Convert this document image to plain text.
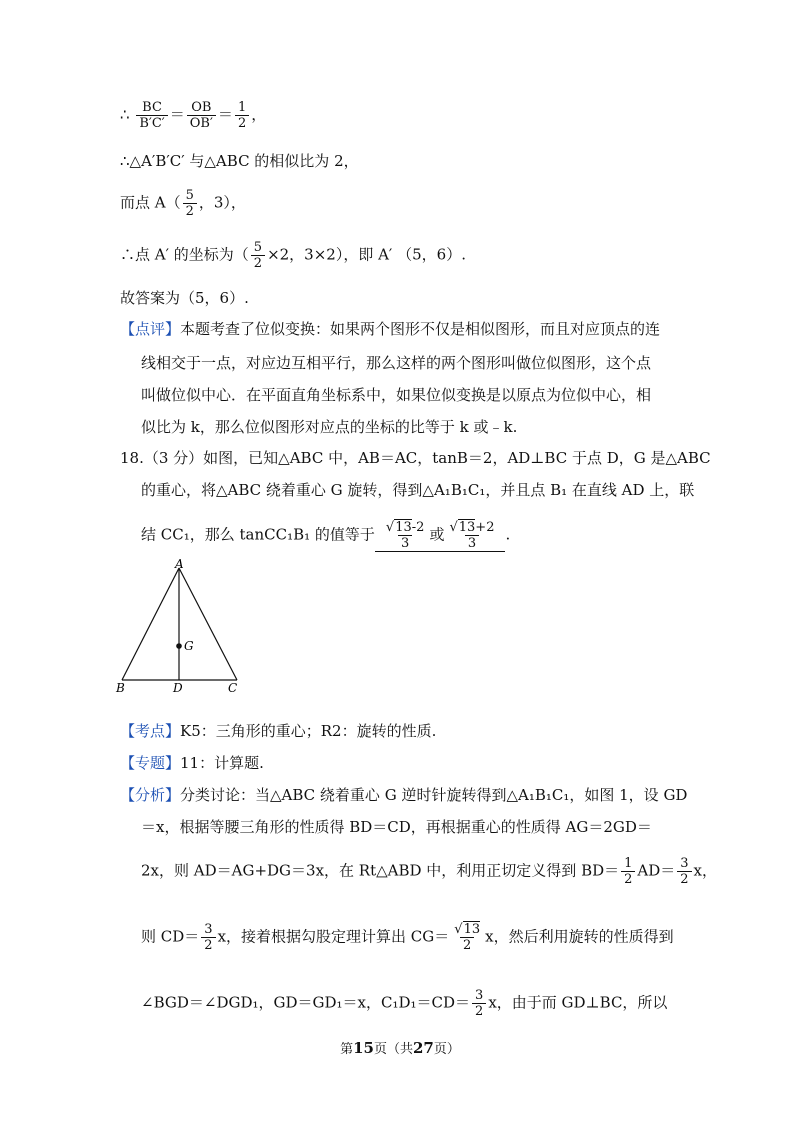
∴ $\frac{BC}{B'C'} = \frac{OB}{OB'} = \frac{1}{2}$ ，
∴△A′B′C′ 与△ABC 的相似比为 2，
而点 $A( \frac{5}{2}$ ，3），
∴点 A′ 的坐标为（ $\frac{5}{2} \times 2$，3×2），即 A′ （5，6）.
故答案为（5，6）.
【点评】本题考查了位似变换：如果两个图形不仅是相似图形，而且对应顶点的连
线相交于一点，对应边互相平行，那么这样的两个图形叫做位似图形，这个点
叫做位似中心．在平面直角坐标系中，如果位似变换是以原点为位似中心，相
似比为 k，那么位似图形对应点的坐标的比等于 k 或﹣k.
18.（3 分）如图，已知△ABC 中，AB＝AC，tanB＝2，AD⊥BC 于点 D，G 是△ABC
的重心，将△ABC 绕着重心 G 旋转，得到△A₁B₁C₁，并且点 B₁ 在直线 AD 上，联
结 CC₁，那么 tanCC₁B₁ 的值等于 $\frac{√13-2}{3}$ 或 $\frac{√13+2}{3}$ .
A
B	C
D
G
【考点】K5：三角形的重心；R2：旋转的性质.
【专题】11：计算题.
【分析】分类讨论：当△ABC 绕着重心 G 逆时针旋转得到△A₁B₁C₁，如图 1，设 GD
＝x，根据等腰三角形的性质得 BD＝CD，再根据重心的性质得 AG＝2GD＝
2x，则 AD＝AG+DG＝3x，在 Rt△ABD 中，利用正切定义得到 $BD= \frac{1}{2} AD= \frac{3}{2}$ x，
则 $CD= \frac{3}{2}$ x，接着根据勾股定理计算出 $CG= \frac{√13}{2}$ x，然后利用旋转的性质得到
∠BGD＝∠DGD₁，GD＝GD₁＝x，$C_1D_1=CD= \frac{3}{2}$ x，由于而 GD⊥BC，所以
第15页（共27页）
